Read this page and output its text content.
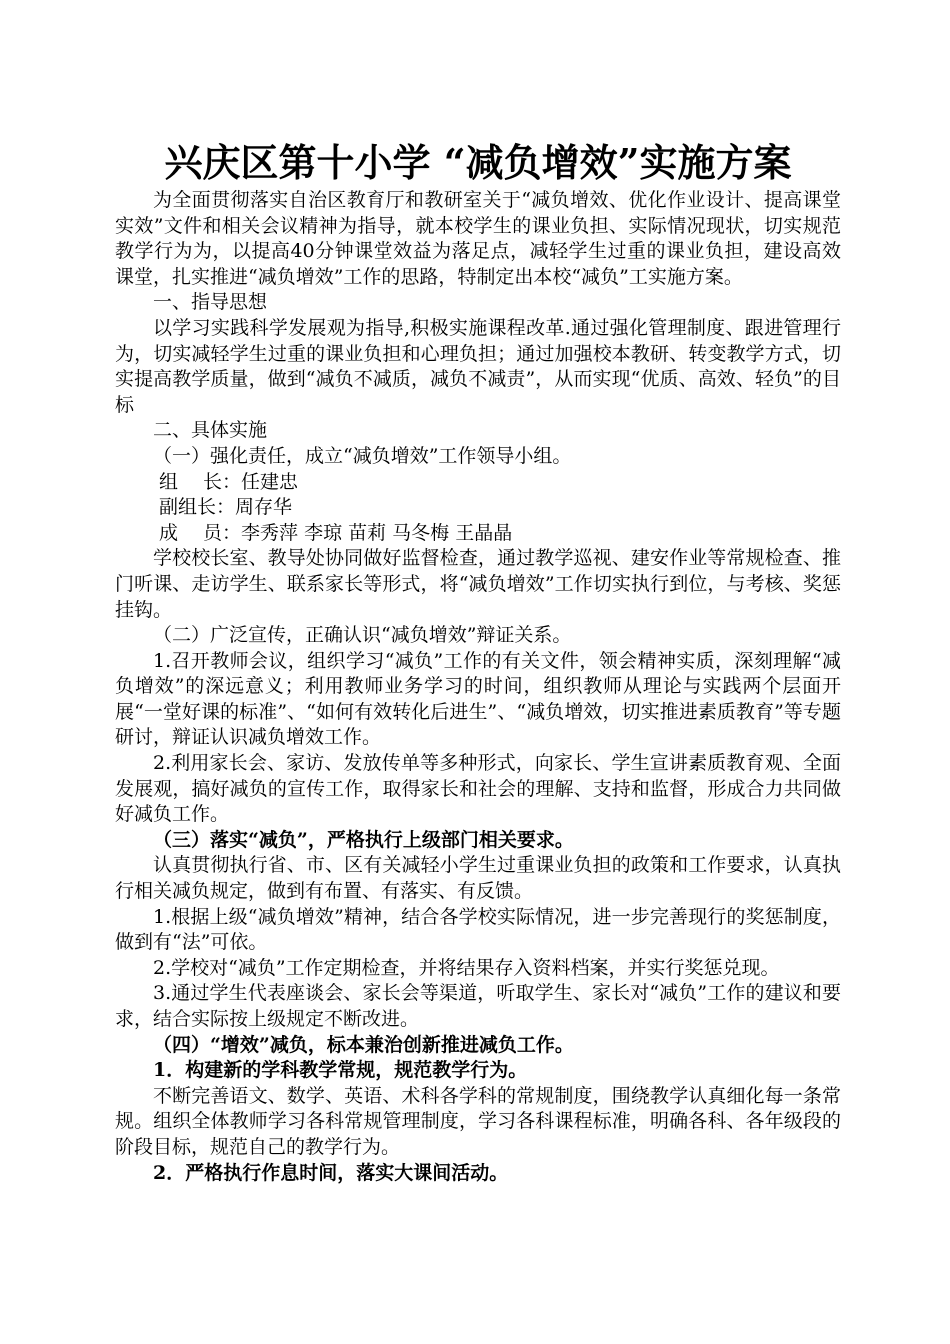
兴庆区第十小学 “减负增效”实施方案

为全面贯彻落实自治区教育厅和教研室关于“减负增效、优化作业设计、提高课堂实效”文件和相关会议精神为指导，就本校学生的课业负担、实际情况现状，切实规范教学行为为，以提高40分钟课堂效益为落足点，减轻学生过重的课业负担，建设高效课堂，扎实推进“减负增效”工作的思路，特制定出本校“减负”工实施方案。

一、指导思想

以学习实践科学发展观为指导,积极实施课程改革.通过强化管理制度、跟进管理行为，切实减轻学生过重的课业负担和心理负担；通过加强校本教研、转变教学方式，切实提高教学质量，做到“减负不减质，减负不减责”，从而实现“优质、高效、轻负”的目标

二、具体实施

（一）强化责任，成立“减负增效”工作领导小组。

组　 长：任建忠

副组长：周存华

成　 员：李秀萍 李琼 苗莉 马冬梅 王晶晶

学校校长室、教导处协同做好监督检查，通过教学巡视、建安作业等常规检查、推门听课、走访学生、联系家长等形式，将“减负增效”工作切实执行到位，与考核、奖惩挂钩。

（二）广泛宣传，正确认识“减负增效”辩证关系。

1.召开教师会议，组织学习“减负”工作的有关文件，领会精神实质，深刻理解“减负增效”的深远意义；利用教师业务学习的时间，组织教师从理论与实践两个层面开展“一堂好课的标准”、“如何有效转化后进生”、“减负增效，切实推进素质教育”等专题研讨，辩证认识减负增效工作。

2.利用家长会、家访、发放传单等多种形式，向家长、学生宣讲素质教育观、全面发展观，搞好减负的宣传工作，取得家长和社会的理解、支持和监督，形成合力共同做好减负工作。

（三）落实“减负”，严格执行上级部门相关要求。

认真贯彻执行省、市、区有关减轻小学生过重课业负担的政策和工作要求，认真执行相关减负规定，做到有布置、有落实、有反馈。

1.根据上级“减负增效”精神，结合各学校实际情况，进一步完善现行的奖惩制度，做到有“法”可依。

2.学校对“减负”工作定期检查，并将结果存入资料档案，并实行奖惩兑现。

3.通过学生代表座谈会、家长会等渠道，听取学生、家长对“减负”工作的建议和要求，结合实际按上级规定不断改进。

（四）“增效”减负，标本兼治创新推进减负工作。

1．构建新的学科教学常规，规范教学行为。

不断完善语文、数学、英语、术科各学科的常规制度，围绕教学认真细化每一条常规。组织全体教师学习各科常规管理制度，学习各科课程标准，明确各科、各年级段的阶段目标，规范自己的教学行为。

2．严格执行作息时间，落实大课间活动。
